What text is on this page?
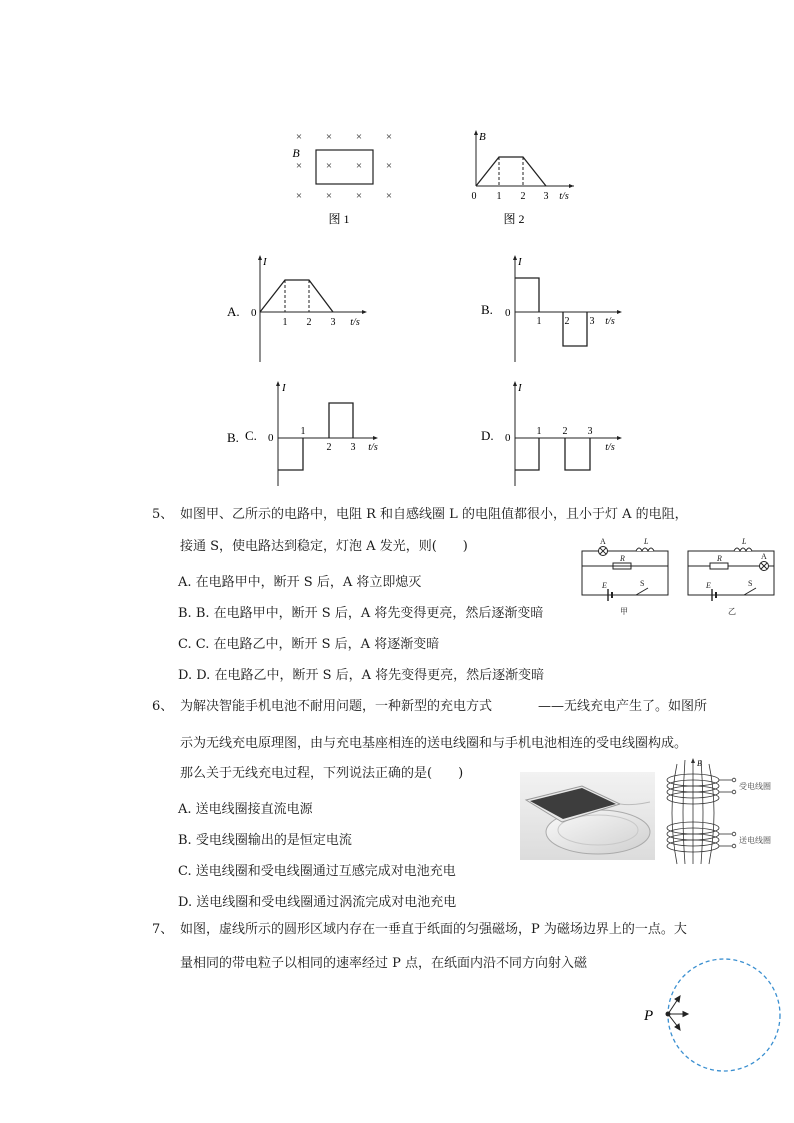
× × × ×
× × ×
×
× × × ×
B
图 1
B
0 1 2 3 t/s
图 2
A.
I
0
1 2 3 t/s
B.
I
0
1 2 3 t/s
B. C.
I
0
1
2 3 t/s
D.
I
0
1 2 3
t/s
5、 如图甲、乙所示的电路中，电阻 R 和自感线圈 L 的电阻值都很小，且小于灯 A 的电阻，
接通 S，使电路达到稳定，灯泡 A 发光，则(　　)
A. 在电路甲中，断开 S 后，A 将立即熄灭
B. B. 在电路甲中，断开 S 后，A 将先变得更亮，然后逐渐变暗
C. C. 在电路乙中，断开 S 后，A 将逐渐变暗
D. D. 在电路乙中，断开 S 后，A 将先变得更亮，然后逐渐变暗
A	L
R
E	S
甲
L
R	A
E	S
乙
6、 为解决智能手机电池不耐用问题，一种新型的充电方式	——无线充电产生了。如图所
示为无线充电原理图，由与充电基座相连的送电线圈和与手机电池相连的受电线圈构成。
那么关于无线充电过程，下列说法正确的是(　　)
A. 送电线圈接直流电源
B. 受电线圈输出的是恒定电流
C. 送电线圈和受电线圈通过互感完成对电池充电
D. 送电线圈和受电线圈通过涡流完成对电池充电
B
受电线圈
送电线圈
7、 如图，虚线所示的圆形区域内存在一垂直于纸面的匀强磁场，P 为磁场边界上的一点。大
量相同的带电粒子以相同的速率经过 P 点，在纸面内沿不同方向射入磁
P
